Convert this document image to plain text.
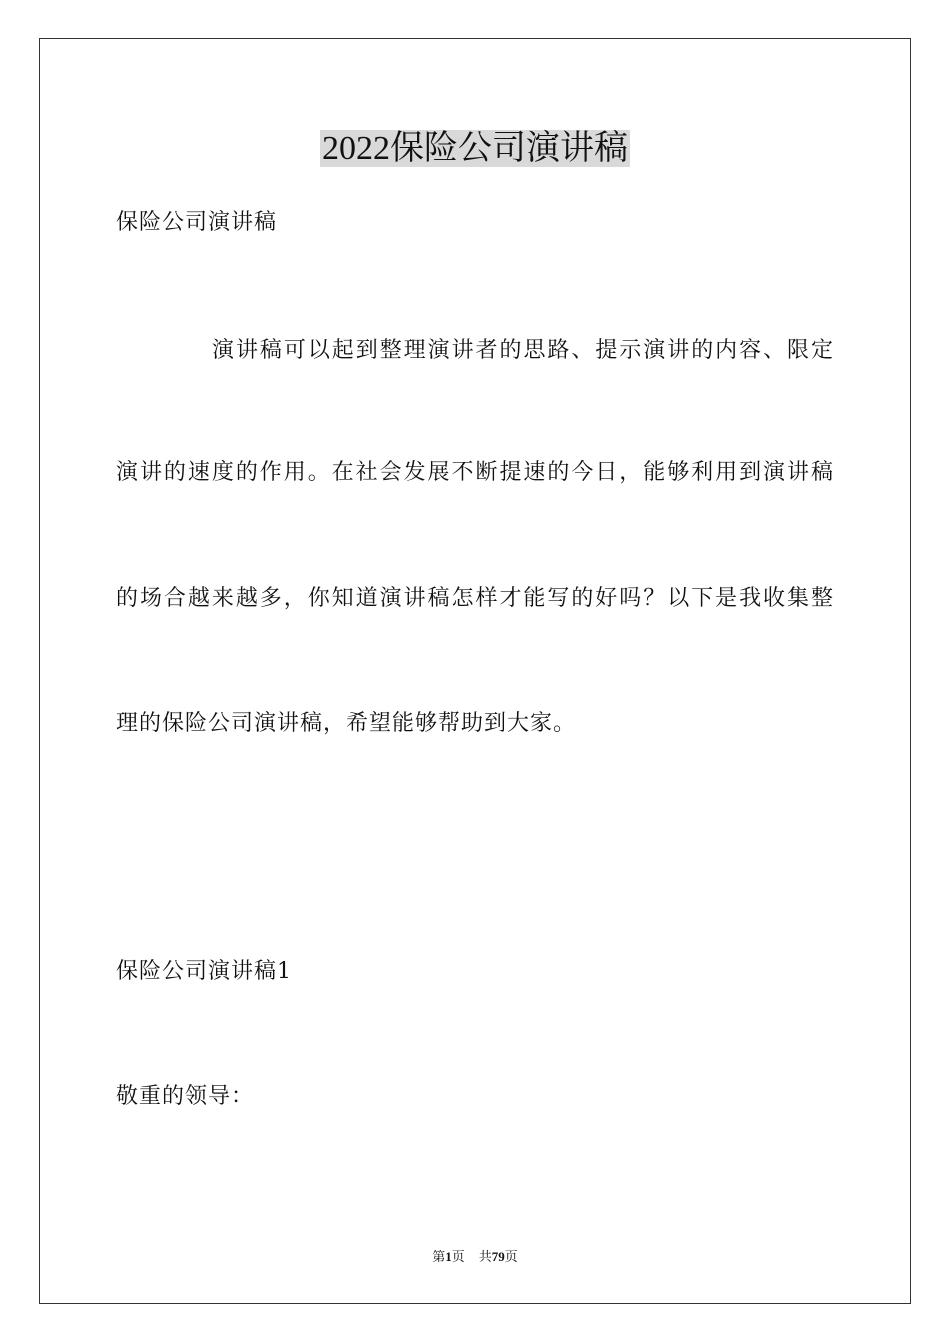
2022保险公司演讲稿

保险公司演讲稿

演讲稿可以起到整理演讲者的思路、提示演讲的内容、限定

演讲的速度的作用。在社会发展不断提速的今日，能够利用到演讲稿

的场合越来越多，你知道演讲稿怎样才能写的好吗？以下是我收集整

理的保险公司演讲稿，希望能够帮助到大家。

保险公司演讲稿1

敬重的领导：

第1页 共79页
